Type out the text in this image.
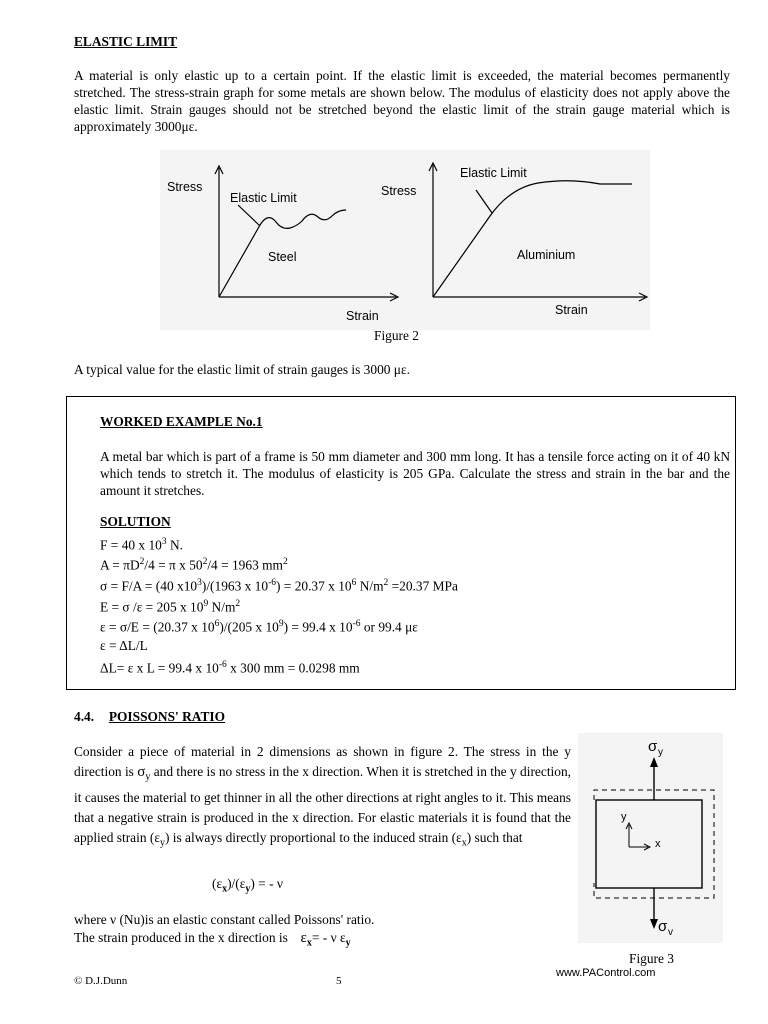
ELASTIC LIMIT

A material is only elastic up to a certain point. If the elastic limit is exceeded, the material becomes permanently stretched. The stress-strain graph for some metals are shown below. The modulus of elasticity does not apply above the elastic limit. Strain gauges should not be stretched beyond the elastic limit of the strain gauge material which is approximately 3000με.

Stress
Elastic Limit
Steel
Strain
Stress
Elastic Limit
Aluminium
Strain
Figure 2
A typical value for the elastic limit of strain gauges is 3000 με.
WORKED EXAMPLE No.1

A metal bar which is part of a frame is 50 mm diameter and 300 mm long. It has a tensile force acting on it of 40 kN which tends to stretch it. The modulus of elasticity is 205 GPa. Calculate the stress and strain in the bar and the amount it stretches.

SOLUTION
F = 40 x $10^3$ N.
$A = \pi D^2/4 = \pi$ x $50^2/4 = 1963$ $mm^2$
σ = F/A = (40 $x10^3)/(1963$ x $10^{-6}) = 20.37$ x $10^6$ $N/m^2 =20.37$ MPa
E = σ /ε = 205 x $10^9$ $N/m^2$
ε = σ/E = (20.37 x $10^6)/(205$ x $10^9) = 99.4$ x $10^{-6}$ or 99.4 με
ε = ΔL/L
ΔL= ε x L = 99.4 x $10^{-6}$ x 300 mm = 0.0298 mm
4.4. POISSONS' RATIO

Consider a piece of material in 2 dimensions as shown in figure 2. The stress in the y direction is $\sigma_y$ and there is no stress in the x direction. When it is stretched in the y direction, it causes the material to get thinner in all the other directions at right angles to it. This means that a negative strain is produced in the x direction. For elastic materials it is found that the applied strain $(\varepsilon_y)$ is always directly proportional to the induced strain $(\varepsilon_x)$ such that

$(\varepsilon_x)/(\varepsilon_y)$ = - ν
where ν (Nu)is an elastic constant called Poissons' ratio.
The strain produced in the x direction is $\varepsilon_x= - \nu$ $\varepsilon_y$
σ y
σ v
y
x
Figure 3
© D.J.Dunn	5
www.PAControl.com
